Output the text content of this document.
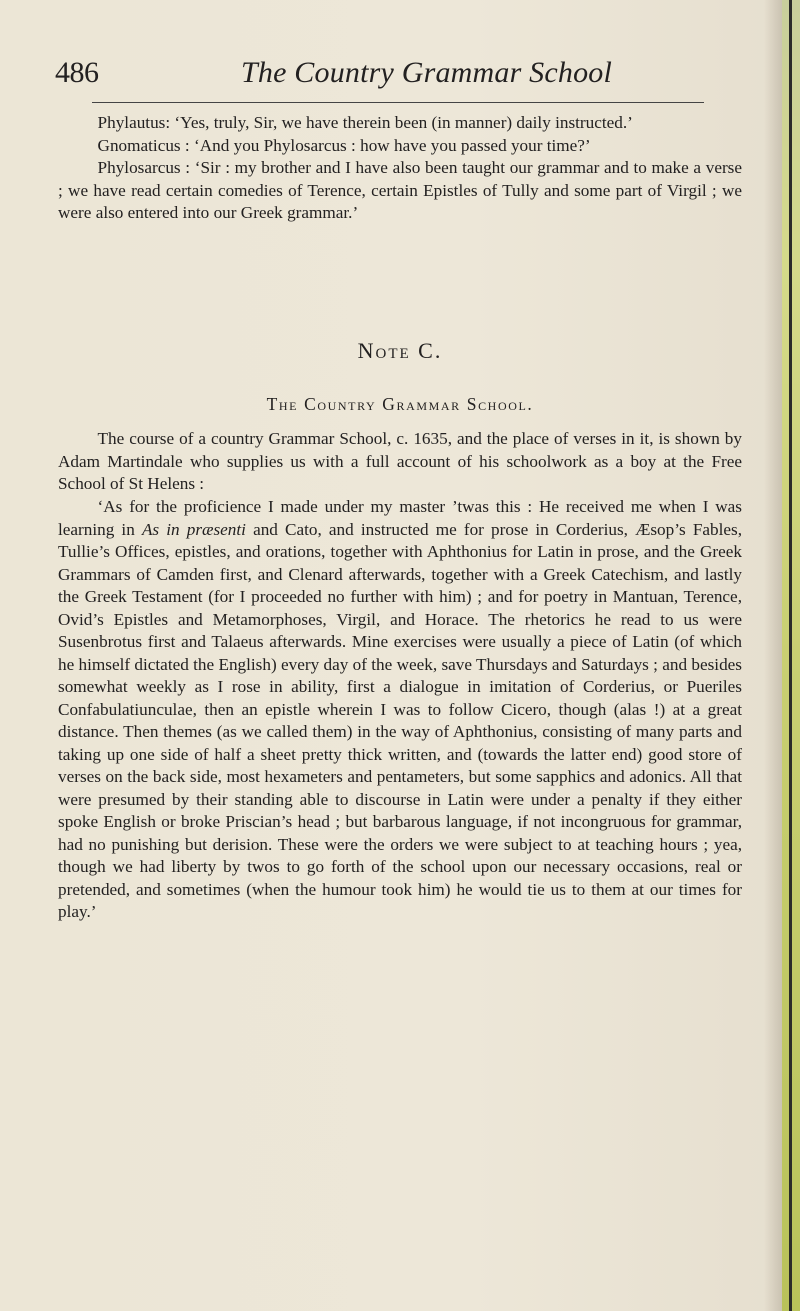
486	The Country Grammar School

Phylautus: ‘Yes, truly, Sir, we have therein been (in manner) daily instructed.’

Gnomaticus : ‘And you Phylosarcus : how have you passed your time?’

Phylosarcus : ‘Sir : my brother and I have also been taught our grammar and to make a verse ; we have read certain comedies of Terence, certain Epistles of Tully and some part of Virgil ; we were also entered into our Greek grammar.’

Note C.
The Country Grammar School.

The course of a country Grammar School, c. 1635, and the place of verses in it, is shown by Adam Martindale who supplies us with a full account of his schoolwork as a boy at the Free School of St Helens :

‘As for the proficience I made under my master ’twas this : He received me when I was learning in As in præsenti and Cato, and instructed me for prose in Corderius, Æsop’s Fables, Tullie’s Offices, epistles, and orations, together with Aphthonius for Latin in prose, and the Greek Grammars of Camden first, and Clenard afterwards, together with a Greek Catechism, and lastly the Greek Testament (for I proceeded no further with him) ; and for poetry in Mantuan, Terence, Ovid’s Epistles and Metamorphoses, Virgil, and Horace. The rhetorics he read to us were Susenbrotus first and Talaeus afterwards. Mine exercises were usually a piece of Latin (of which he himself dictated the English) every day of the week, save Thursdays and Saturdays ; and besides somewhat weekly as I rose in ability, first a dialogue in imitation of Corderius, or Pueriles Confabulatiunculae, then an epistle wherein I was to follow Cicero, though (alas !) at a great distance. Then themes (as we called them) in the way of Aphthonius, consisting of many parts and taking up one side of half a sheet pretty thick written, and (towards the latter end) good store of verses on the back side, most hexameters and pentameters, but some sapphics and adonics. All that were presumed by their standing able to discourse in Latin were under a penalty if they either spoke English or broke Priscian’s head ; but barbarous language, if not incongruous for grammar, had no punishing but derision. These were the orders we were subject to at teaching hours ; yea, though we had liberty by twos to go forth of the school upon our necessary occasions, real or pretended, and sometimes (when the humour took him) he would tie us to them at our times for play.’
